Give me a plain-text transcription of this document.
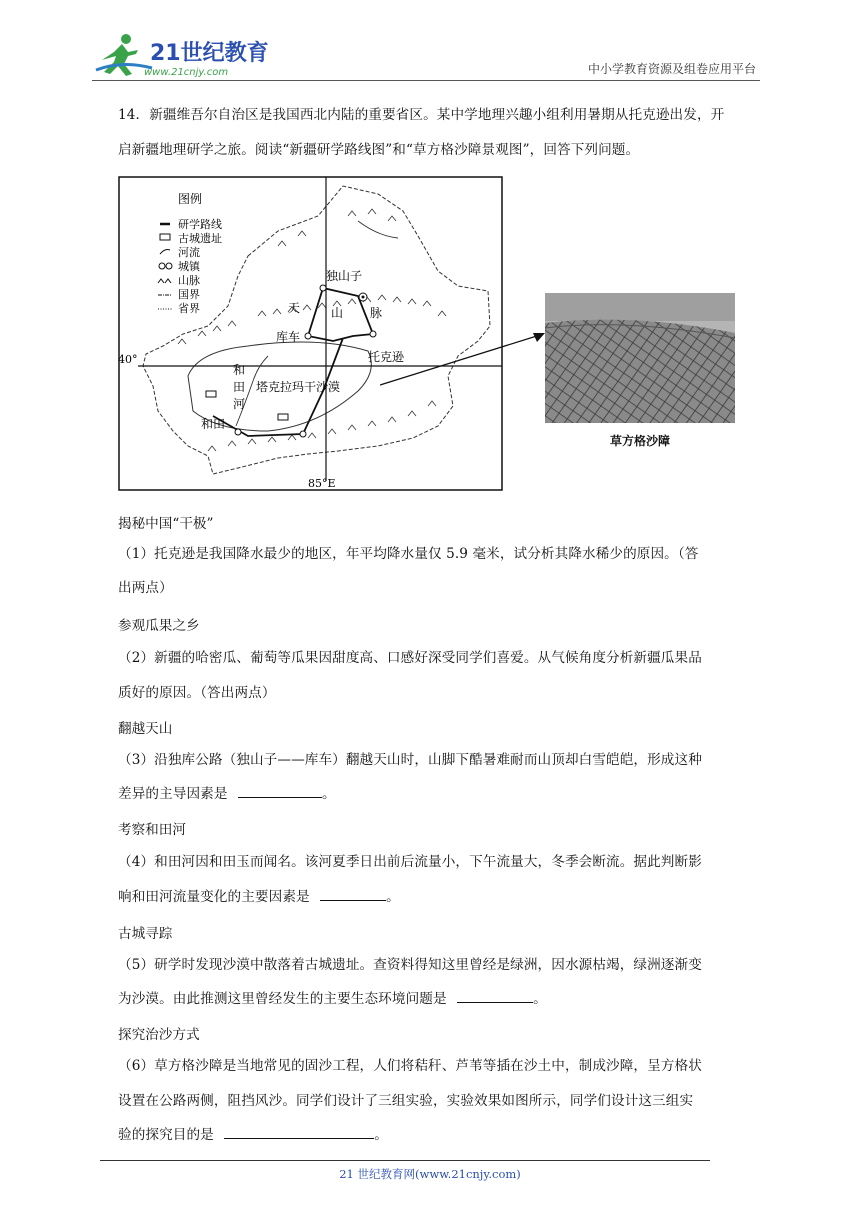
21世纪教育
www.21cnjy.com	中小学教育资源及组卷应用平台
14．新疆维吾尔自治区是我国西北内陆的重要省区。某中学地理兴趣小组利用暑期从托克逊出发，开
启新疆地理研学之旅。阅读“新疆研学路线图”和“草方格沙障景观图”，回答下列问题。
图例
研学路线
古城遗址
河流
城镇
山脉
国界
省界
独山子
天	山 脉
库车
托克逊
40°
和
田
河
塔克拉玛干沙漠
和田
85°E
草方格沙障
揭秘中国“干极”
（1）托克逊是我国降水最少的地区，年平均降水量仅 5.9 毫米，试分析其降水稀少的原因。（答
出两点）
参观瓜果之乡
（2）新疆的哈密瓜、葡萄等瓜果因甜度高、口感好深受同学们喜爱。从气候角度分析新疆瓜果品
质好的原因。（答出两点）
翻越天山
（3）沿独库公路（独山子——库车）翻越天山时，山脚下酷暑难耐而山顶却白雪皑皑，形成这种
差异的主导因素是	。
考察和田河
（4）和田河因和田玉而闻名。该河夏季日出前后流量小，下午流量大，冬季会断流。据此判断影
响和田河流量变化的主要因素是	。
古城寻踪
（5）研学时发现沙漠中散落着古城遗址。查资料得知这里曾经是绿洲，因水源枯竭，绿洲逐渐变
为沙漠。由此推测这里曾经发生的主要生态环境问题是	。
探究治沙方式
（6）草方格沙障是当地常见的固沙工程，人们将秸秆、芦苇等插在沙土中，制成沙障，呈方格状
设置在公路两侧，阻挡风沙。同学们设计了三组实验，实验效果如图所示，同学们设计这三组实
验的探究目的是	。
21 世纪教育网(www.21cnjy.com)
